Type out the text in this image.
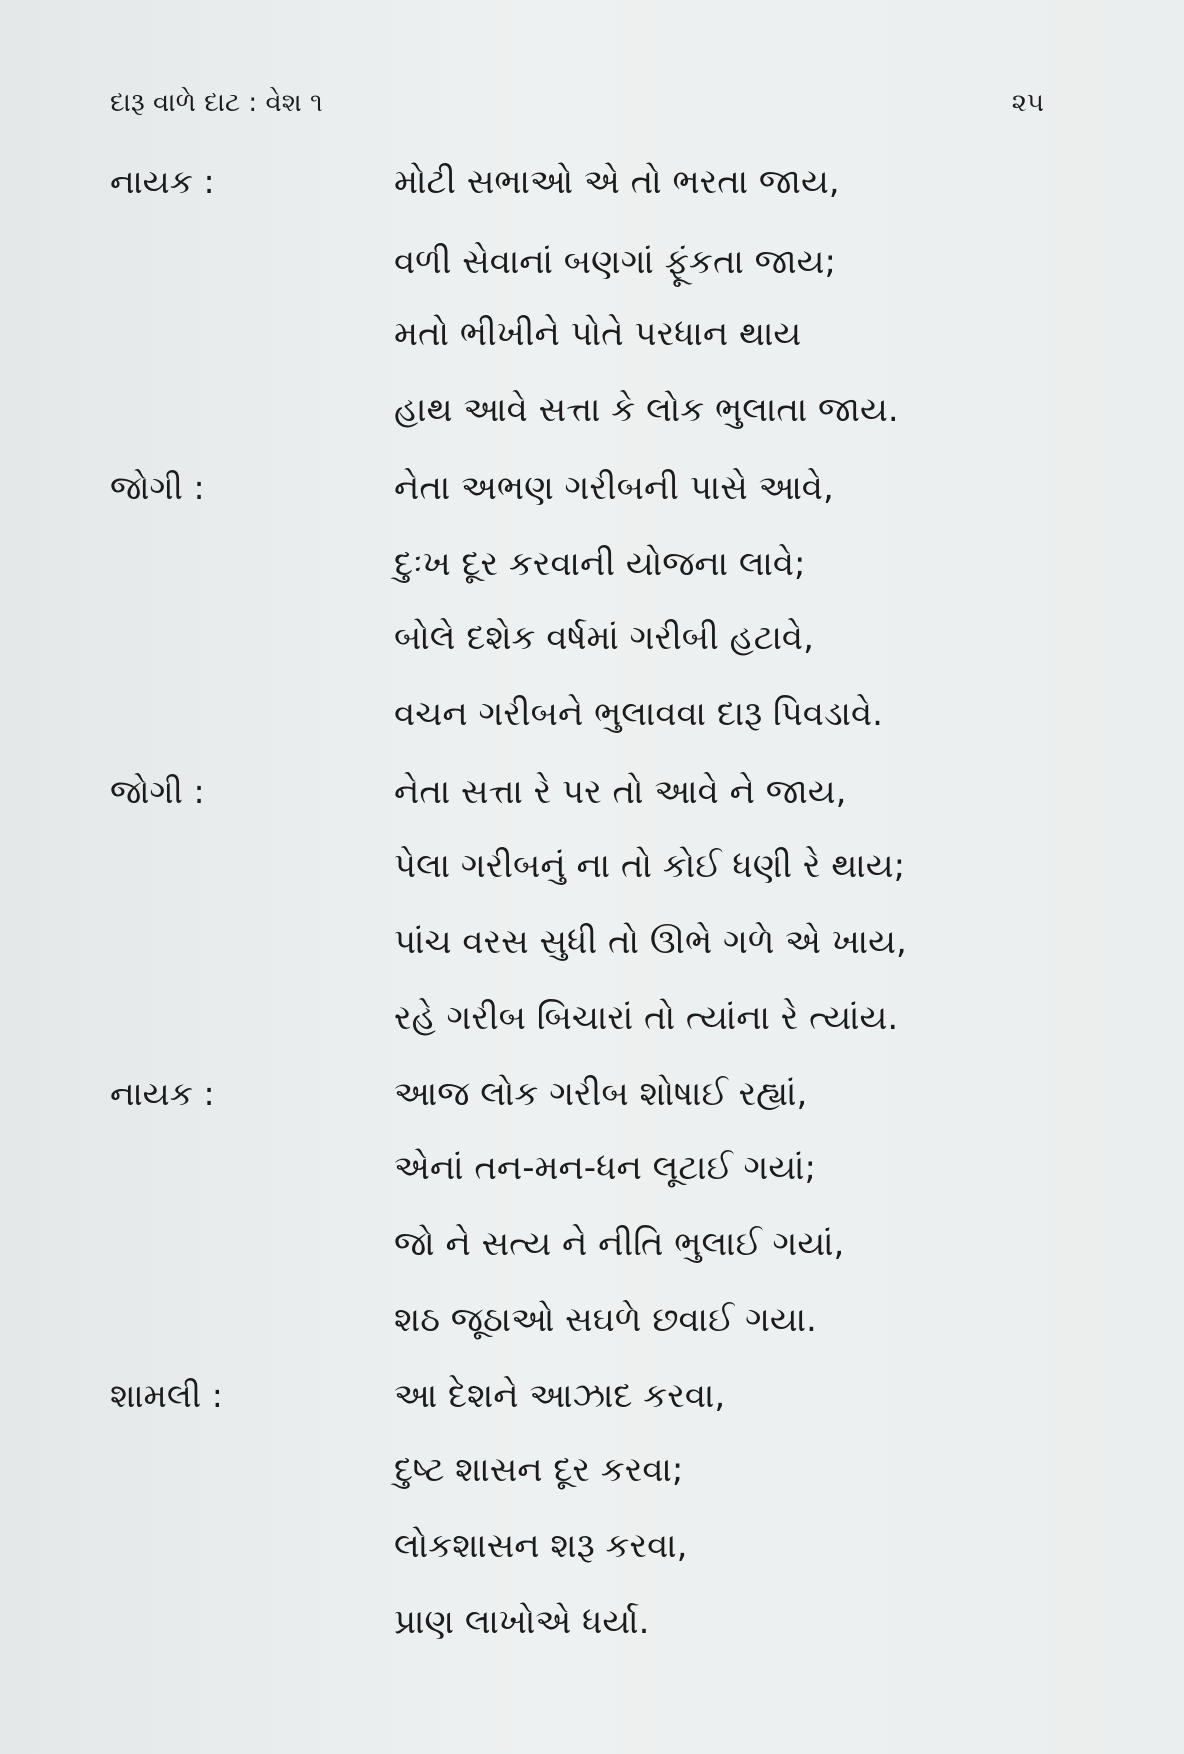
દારૂ વાળે દાટ : વેશ ૧	૨૫
નાયક :	મોટી સભાઓ એ તો ભરતા જાય,
વળી સેવાનાં બણગાં ફૂંકતા જાય;
મતો ભીખીને પોતે પરધાન થાય
હાથ આવે સત્તા કે લોક ભુલાતા જાય.
જોગી :	નેતા અભણ ગરીબની પાસે આવે,
દુઃખ દૂર કરવાની યોજના લાવે;
બોલે દશેક વર્ષમાં ગરીબી હટાવે,
વચન ગરીબને ભુલાવવા દારૂ પિવડાવે.
જોગી :	નેતા સત્તા રે પર તો આવે ને જાય,
પેલા ગરીબનું ના તો કોઈ ધણી રે થાય;
પાંચ વરસ સુધી તો ઊભે ગળે એ ખાય,
રહે ગરીબ બિચારાં તો ત્યાંના રે ત્યાંય.
નાયક :	આજ લોક ગરીબ શોષાઈ રહ્યાં,
એનાં તન-મન-ધન લૂટાઈ ગયાં;
જો ને સત્ય ને નીતિ ભુલાઈ ગયાં,
શઠ જૂઠાઓ સઘળે છવાઈ ગયા.
શામલી :	આ દેશને આઝાદ કરવા,
દુષ્ટ શાસન દૂર કરવા;
લોકશાસન શરૂ કરવા,
પ્રાણ લાખોએ ધર્યા.
